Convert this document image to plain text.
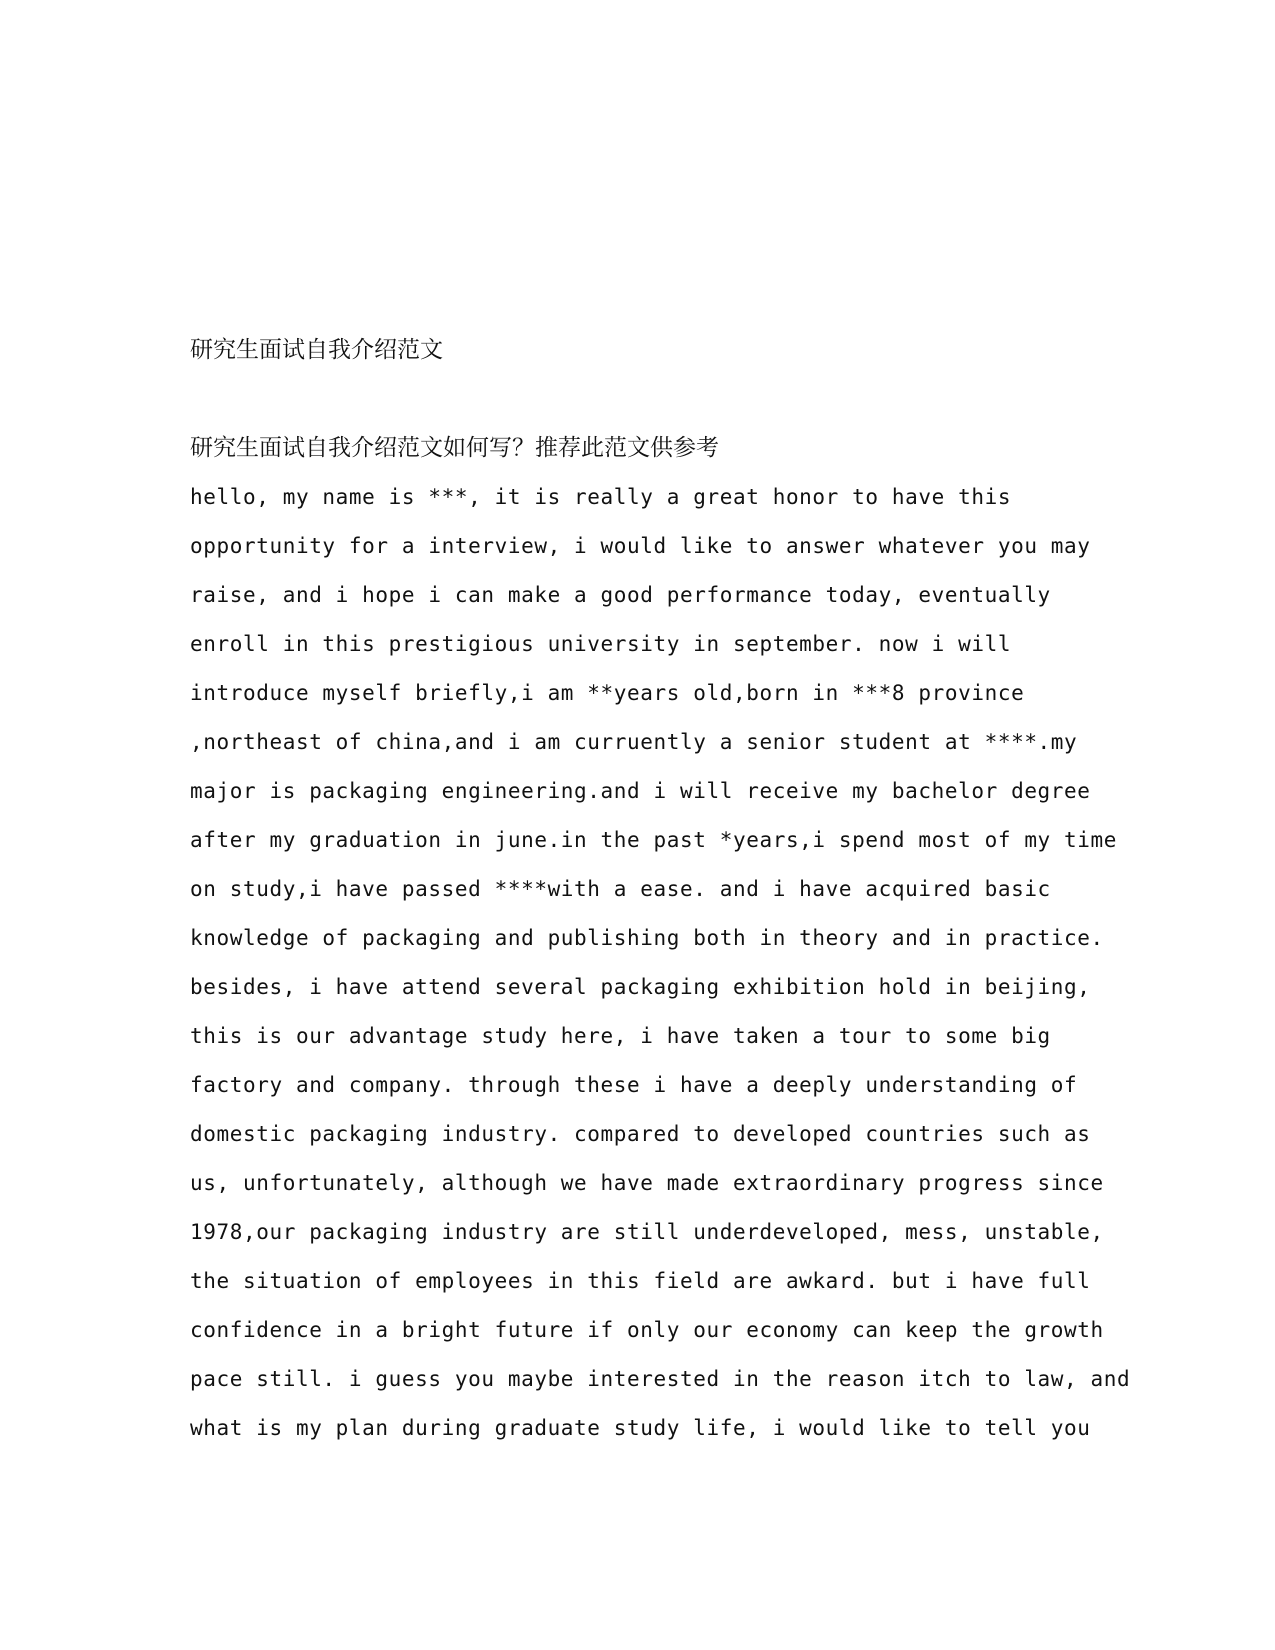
研究生面试自我介绍范文
研究生面试自我介绍范文如何写？推荐此范文供参考
hello, my name is ***, it is really a great honor to have this
opportunity for a interview, i would like to answer whatever you may
raise, and i hope i can make a good performance today, eventually
enroll in this prestigious university in september. now i will
introduce myself briefly,i am **years old,born in ***8 province
,northeast of china,and i am curruently a senior student at ****.my
major is packaging engineering.and i will receive my bachelor degree
after my graduation in june.in the past *years,i spend most of my time
on study,i have passed ****with a ease. and i have acquired basic
knowledge of packaging and publishing both in theory and in practice.
besides, i have attend several packaging exhibition hold in beijing,
this is our advantage study here, i have taken a tour to some big
factory and company. through these i have a deeply understanding of
domestic packaging industry. compared to developed countries such as
us, unfortunately, although we have made extraordinary progress since
1978,our packaging industry are still underdeveloped, mess, unstable,
the situation of employees in this field are awkard. but i have full
confidence in a bright future if only our economy can keep the growth
pace still. i guess you maybe interested in the reason itch to law, and
what is my plan during graduate study life, i would like to tell you
